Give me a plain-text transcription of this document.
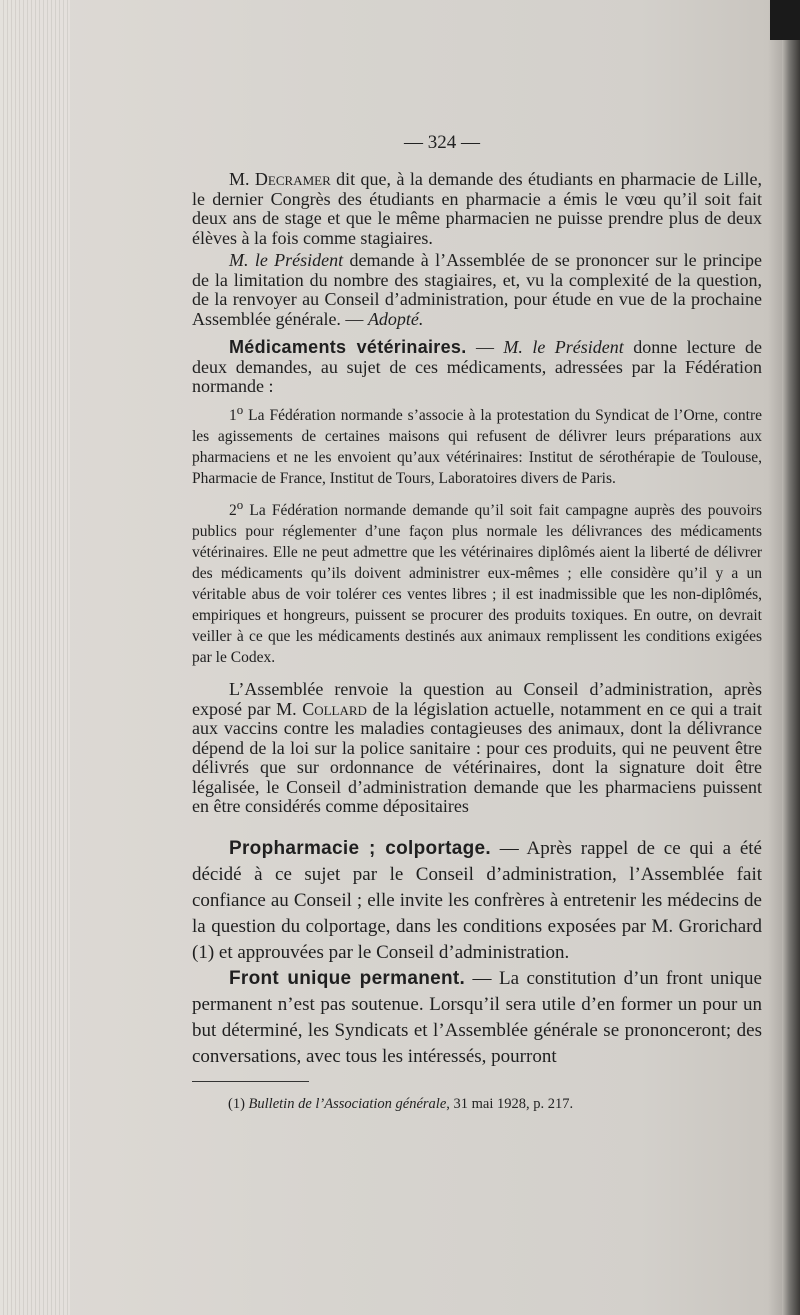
— 324 —
M. Decramer dit que, à la demande des étudiants en pharmacie de Lille, le dernier Congrès des étudiants en pharmacie a émis le vœu qu’il soit fait deux ans de stage et que le même pharmacien ne puisse prendre plus de deux élèves à la fois comme stagiaires.
M. le Président demande à l’Assemblée de se prononcer sur le principe de la limitation du nombre des stagiaires, et, vu la complexité de la question, de la renvoyer au Conseil d’administration, pour étude en vue de la prochaine Assemblée générale. — Adopté.
Médicaments vétérinaires. — M. le Président donne lecture de deux demandes, au sujet de ces médicaments, adressées par la Fédération normande :
1$^o$ La Fédération normande s’associe à la protestation du Syndicat de l’Orne, contre les agissements de certaines maisons qui refusent de délivrer leurs préparations aux pharmaciens et ne les envoient qu’aux vétérinaires: Institut de sérothérapie de Toulouse, Pharmacie de France, Institut de Tours, Laboratoires divers de Paris.
2$^o$ La Fédération normande demande qu’il soit fait campagne auprès des pouvoirs publics pour réglementer d’une façon plus normale les délivrances des médicaments vétérinaires. Elle ne peut admettre que les vétérinaires diplômés aient la liberté de délivrer des médicaments qu’ils doivent administrer eux-mêmes ; elle considère qu’il y a un véritable abus de voir tolérer ces ventes libres ; il est inadmissible que les non-diplômés, empiriques et hongreurs, puissent se procurer des produits toxiques. En outre, on devrait veiller à ce que les médicaments destinés aux animaux remplissent les conditions exigées par le Codex.
L’Assemblée renvoie la question au Conseil d’administration, après exposé par M. Collard de la législation actuelle, notamment en ce qui a trait aux vaccins contre les maladies contagieuses des animaux, dont la délivrance dépend de la loi sur la police sanitaire : pour ces produits, qui ne peuvent être délivrés que sur ordonnance de vétérinaires, dont la signature doit être légalisée, le Conseil d’administration demande que les pharmaciens puissent en être considérés comme dépositaires
Propharmacie ; colportage. — Après rappel de ce qui a été décidé à ce sujet par le Conseil d’administration, l’Assemblée fait confiance au Conseil ; elle invite les confrères à entretenir les médecins de la question du colportage, dans les conditions exposées par M. Grorichard (1) et approuvées par le Conseil d’administration.
Front unique permanent. — La constitution d’un front unique permanent n’est pas soutenue. Lorsqu’il sera utile d’en former un pour un but déterminé, les Syndicats et l’Assemblée générale se prononceront; des conversations, avec tous les intéressés, pourront
(1) Bulletin de l’Association générale, 31 mai 1928, p. 217.
